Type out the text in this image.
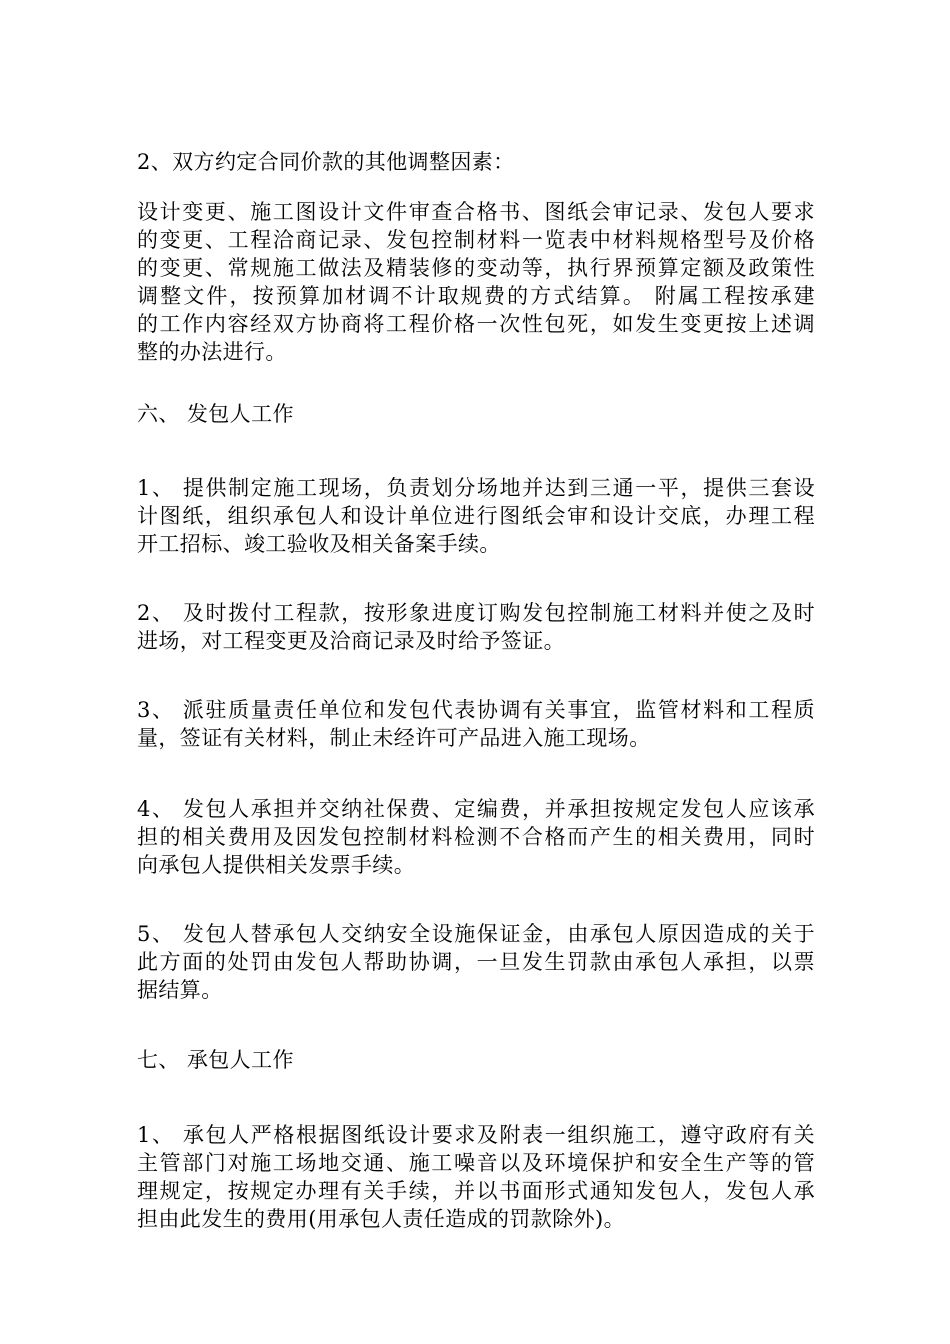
2、双方约定合同价款的其他调整因素：
设计变更、施工图设计文件审查合格书、图纸会审记录、发包人要求
的变更、工程洽商记录、发包控制材料一览表中材料规格型号及价格
的变更、常规施工做法及精装修的变动等，执行界预算定额及政策性
调整文件，按预算加材调不计取规费的方式结算。 附属工程按承建
的工作内容经双方协商将工程价格一次性包死，如发生变更按上述调
整的办法进行。
六、 发包人工作
1、 提供制定施工现场，负责划分场地并达到三通一平，提供三套设
计图纸，组织承包人和设计单位进行图纸会审和设计交底，办理工程
开工招标、竣工验收及相关备案手续。
2、 及时拨付工程款，按形象进度订购发包控制施工材料并使之及时
进场，对工程变更及洽商记录及时给予签证。
3、 派驻质量责任单位和发包代表协调有关事宜，监管材料和工程质
量，签证有关材料，制止未经许可产品进入施工现场。
4、 发包人承担并交纳社保费、定编费，并承担按规定发包人应该承
担的相关费用及因发包控制材料检测不合格而产生的相关费用，同时
向承包人提供相关发票手续。
5、 发包人替承包人交纳安全设施保证金，由承包人原因造成的关于
此方面的处罚由发包人帮助协调，一旦发生罚款由承包人承担，以票
据结算。
七、 承包人工作
1、 承包人严格根据图纸设计要求及附表一组织施工，遵守政府有关
主管部门对施工场地交通、施工噪音以及环境保护和安全生产等的管
理规定，按规定办理有关手续，并以书面形式通知发包人，发包人承
担由此发生的费用(用承包人责任造成的罚款除外)。
